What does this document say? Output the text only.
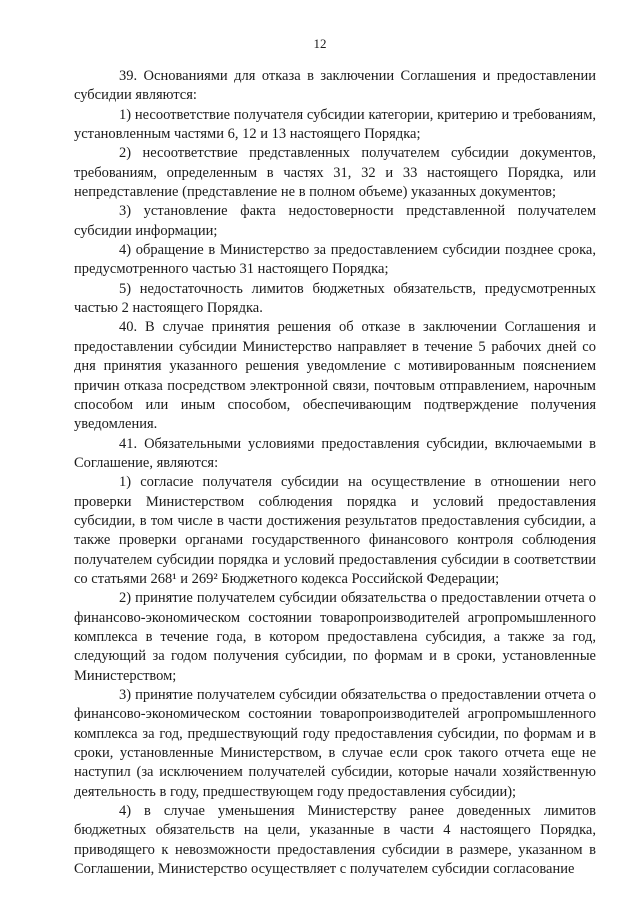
12

39. Основаниями для отказа в заключении Соглашения и предоставлении субсидии являются:

1) несоответствие получателя субсидии категории, критерию и требованиям, установленным частями 6, 12 и 13 настоящего Порядка;

2) несоответствие представленных получателем субсидии документов, требованиям, определенным в частях 31, 32 и 33 настоящего Порядка, или непредставление (представление не в полном объеме) указанных документов;

3) установление факта недостоверности представленной получателем субсидии информации;

4) обращение в Министерство за предоставлением субсидии позднее срока, предусмотренного частью 31 настоящего Порядка;

5) недостаточность лимитов бюджетных обязательств, предусмотренных частью 2 настоящего Порядка.

40. В случае принятия решения об отказе в заключении Соглашения и предоставлении субсидии Министерство направляет в течение 5 рабочих дней со дня принятия указанного решения уведомление с мотивированным пояснением причин отказа посредством электронной связи, почтовым отправлением, нарочным способом или иным способом, обеспечивающим подтверждение получения уведомления.

41. Обязательными условиями предоставления субсидии, включаемыми в Соглашение, являются:

1) согласие получателя субсидии на осуществление в отношении него проверки Министерством соблюдения порядка и условий предоставления субсидии, в том числе в части достижения результатов предоставления субсидии, а также проверки органами государственного финансового контроля соблюдения получателем субсидии порядка и условий предоставления субсидии в соответствии со статьями 268¹ и 269² Бюджетного кодекса Российской Федерации;

2) принятие получателем субсидии обязательства о предоставлении отчета о финансово-экономическом состоянии товаропроизводителей агропромышленного комплекса в течение года, в котором предоставлена субсидия, а также за год, следующий за годом получения субсидии, по формам и в сроки, установленные Министерством;

3) принятие получателем субсидии обязательства о предоставлении отчета о финансово-экономическом состоянии товаропроизводителей агропромышленного комплекса за год, предшествующий году предоставления субсидии, по формам и в сроки, установленные Министерством, в случае если срок такого отчета еще не наступил (за исключением получателей субсидии, которые начали хозяйственную деятельность в году, предшествующем году предоставления субсидии);

4) в случае уменьшения Министерству ранее доведенных лимитов бюджетных обязательств на цели, указанные в части 4 настоящего Порядка, приводящего к невозможности предоставления субсидии в размере, указанном в Соглашении, Министерство осуществляет с получателем субсидии согласование
